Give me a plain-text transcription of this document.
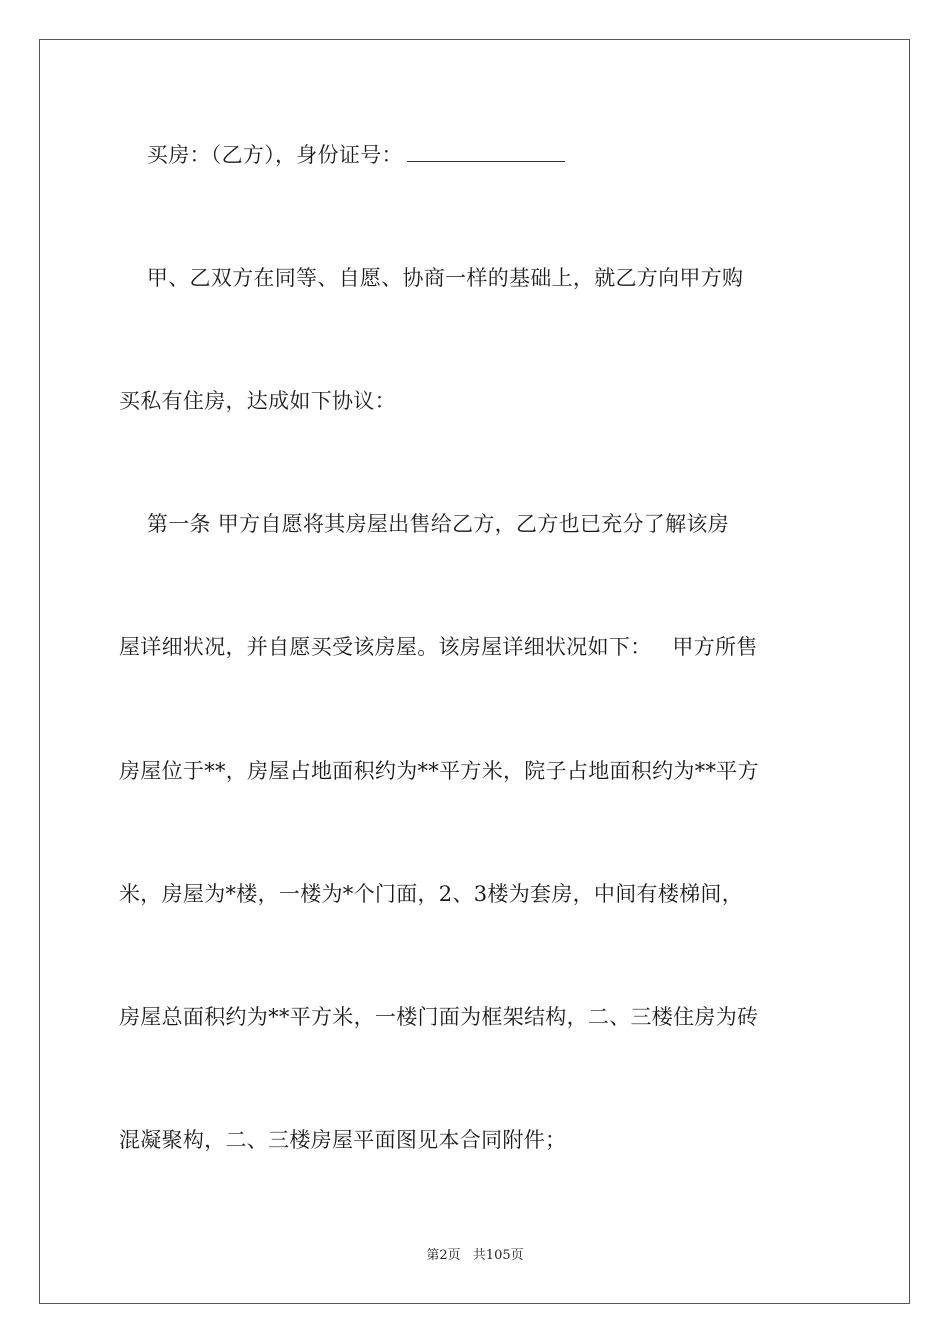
买房：（乙方），身份证号：
甲、乙双方在同等、自愿、协商一样的基础上，就乙方向甲方购
买私有住房，达成如下协议：
第一条 甲方自愿将其房屋出售给乙方，乙方也已充分了解该房
屋详细状况，并自愿买受该房屋。该房屋详细状况如下：   甲方所售
房屋位于**，房屋占地面积约为**平方米，院子占地面积约为**平方
米，房屋为*楼，一楼为*个门面，2、3楼为套房，中间有楼梯间，
房屋总面积约为**平方米，一楼门面为框架结构，二、三楼住房为砖
混凝聚构，二、三楼房屋平面图见本合同附件；
第2页 共105页
